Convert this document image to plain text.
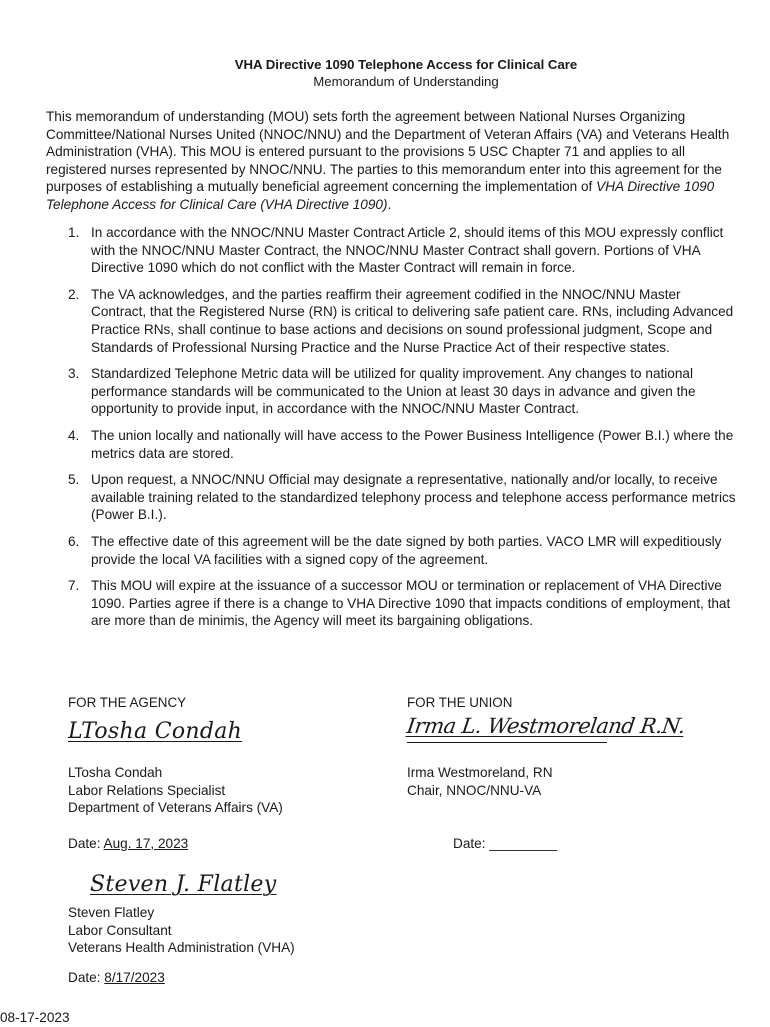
VHA Directive 1090 Telephone Access for Clinical Care
Memorandum of Understanding
This memorandum of understanding (MOU) sets forth the agreement between National Nurses Organizing Committee/National Nurses United (NNOC/NNU) and the Department of Veteran Affairs (VA) and Veterans Health Administration (VHA). This MOU is entered pursuant to the provisions 5 USC Chapter 71 and applies to all registered nurses represented by NNOC/NNU. The parties to this memorandum enter into this agreement for the purposes of establishing a mutually beneficial agreement concerning the implementation of VHA Directive 1090 Telephone Access for Clinical Care (VHA Directive 1090).
1. In accordance with the NNOC/NNU Master Contract Article 2, should items of this MOU expressly conflict with the NNOC/NNU Master Contract, the NNOC/NNU Master Contract shall govern. Portions of VHA Directive 1090 which do not conflict with the Master Contract will remain in force.
2. The VA acknowledges, and the parties reaffirm their agreement codified in the NNOC/NNU Master Contract, that the Registered Nurse (RN) is critical to delivering safe patient care. RNs, including Advanced Practice RNs, shall continue to base actions and decisions on sound professional judgment, Scope and Standards of Professional Nursing Practice and the Nurse Practice Act of their respective states.
3. Standardized Telephone Metric data will be utilized for quality improvement. Any changes to national performance standards will be communicated to the Union at least 30 days in advance and given the opportunity to provide input, in accordance with the NNOC/NNU Master Contract.
4. The union locally and nationally will have access to the Power Business Intelligence (Power B.I.) where the metrics data are stored.
5. Upon request, a NNOC/NNU Official may designate a representative, nationally and/or locally, to receive available training related to the standardized telephony process and telephone access performance metrics (Power B.I.).
6. The effective date of this agreement will be the date signed by both parties. VACO LMR will expeditiously provide the local VA facilities with a signed copy of the agreement.
7. This MOU will expire at the issuance of a successor MOU or termination or replacement of VHA Directive 1090. Parties agree if there is a change to VHA Directive 1090 that impacts conditions of employment, that are more than de minimis, the Agency will meet its bargaining obligations.
FOR THE AGENCY
LTosha Condah
LTosha Condah
Labor Relations Specialist
Department of Veterans Affairs (VA)
Date: Aug. 17, 2023
FOR THE UNION
Irma L. Westmoreland R.N.
Irma Westmoreland, RN
Chair, NNOC/NNU-VA
Date: _________
Steven J. Flatley
Steven Flatley
Labor Consultant
Veterans Health Administration (VHA)
Date: 8/17/2023
08-17-2023
